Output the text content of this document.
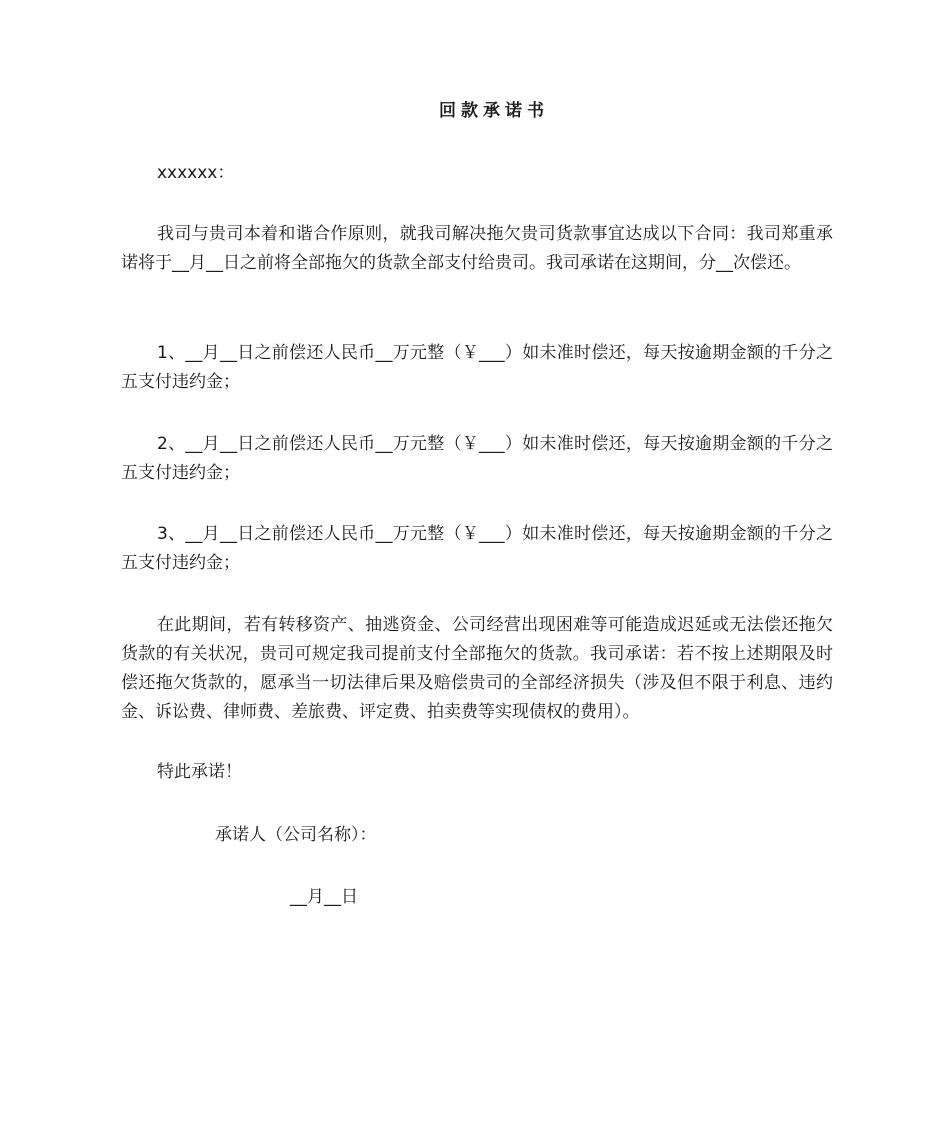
回款承诺书
xxxxxx：
我司与贵司本着和谐合作原则，就我司解决拖欠贵司货款事宜达成以下合同：我司郑重承诺将于__月__日之前将全部拖欠的货款全部支付给贵司。我司承诺在这期间，分__次偿还。
1、__月__日之前偿还人民币__万元整（￥___）如未准时偿还，每天按逾期金额的千分之五支付违约金；
2、__月__日之前偿还人民币__万元整（￥___）如未准时偿还，每天按逾期金额的千分之五支付违约金；
3、__月__日之前偿还人民币__万元整（￥___）如未准时偿还，每天按逾期金额的千分之五支付违约金；
在此期间，若有转移资产、抽逃资金、公司经营出现困难等可能造成迟延或无法偿还拖欠货款的有关状况，贵司可规定我司提前支付全部拖欠的货款。我司承诺：若不按上述期限及时偿还拖欠货款的，愿承当一切法律后果及赔偿贵司的全部经济损失（涉及但不限于利息、违约金、诉讼费、律师费、差旅费、评定费、拍卖费等实现债权的费用）。
特此承诺！
承诺人（公司名称）：
__月__日
